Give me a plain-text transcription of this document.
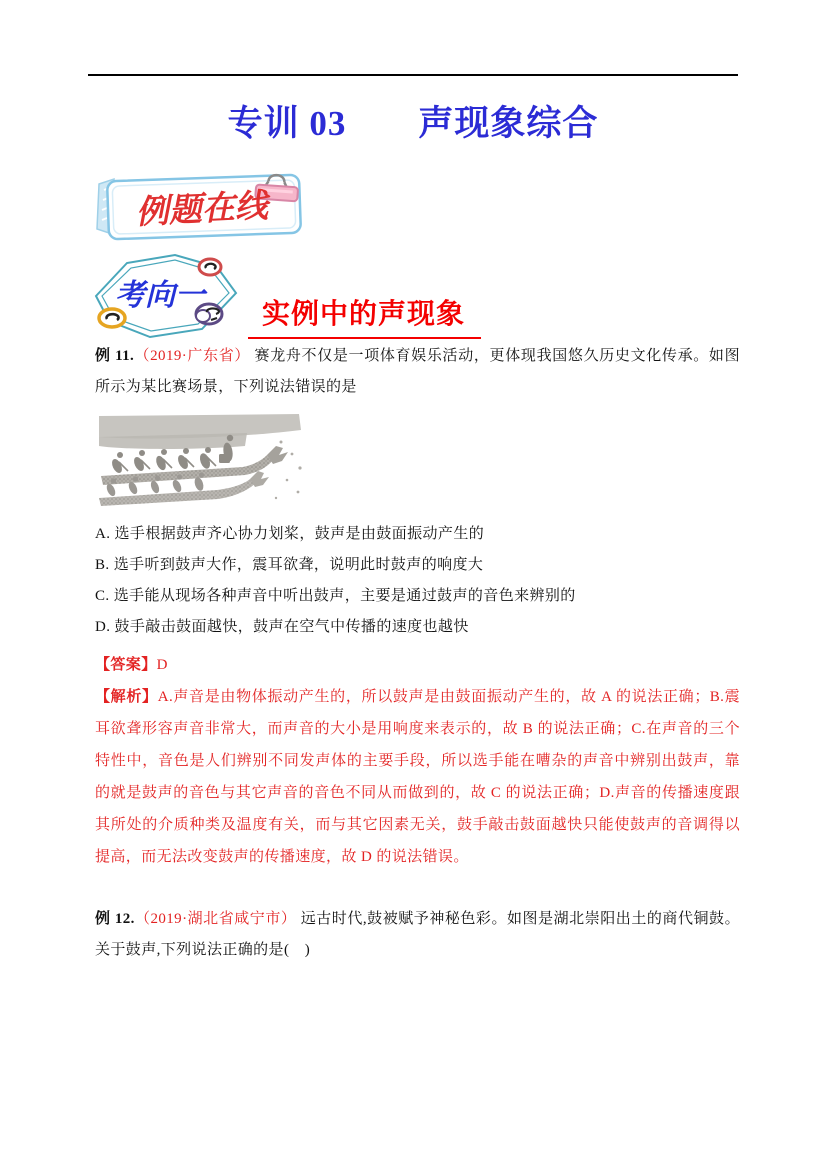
专训 03　　声现象综合
例题在线
考向一
实例中的声现象

例 11.（2019·广东省） 赛龙舟不仅是一项体育娱乐活动，更体现我国悠久历史文化传承。如图所示为某比赛场景，下列说法错误的是

A. 选手根据鼓声齐心协力划桨，鼓声是由鼓面振动产生的

B. 选手听到鼓声大作，震耳欲聋，说明此时鼓声的响度大

C. 选手能从现场各种声音中听出鼓声，主要是通过鼓声的音色来辨别的

D. 鼓手敲击鼓面越快，鼓声在空气中传播的速度也越快

【答案】D

【解析】A.声音是由物体振动产生的，所以鼓声是由鼓面振动产生的，故 A 的说法正确；B.震耳欲聋形容声音非常大，而声音的大小是用响度来表示的，故 B 的说法正确；C.在声音的三个特性中，音色是人们辨别不同发声体的主要手段，所以选手能在嘈杂的声音中辨别出鼓声，靠的就是鼓声的音色与其它声音的音色不同从而做到的，故 C 的说法正确；D.声音的传播速度跟其所处的介质种类及温度有关，而与其它因素无关，鼓手敲击鼓面越快只能使鼓声的音调得以提高，而无法改变鼓声的传播速度，故 D 的说法错误。

例 12.（2019·湖北省咸宁市） 远古时代,鼓被赋予神秘色彩。如图是湖北崇阳出土的商代铜鼓。关于鼓声,下列说法正确的是(　)
